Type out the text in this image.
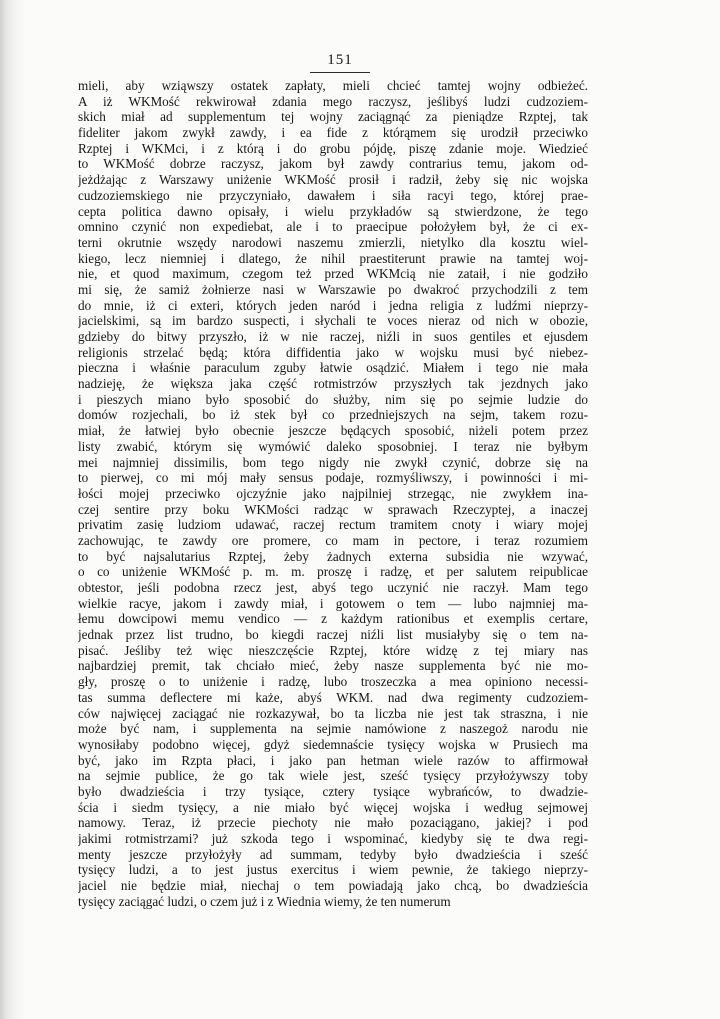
151
mieli, aby wziąwszy ostatek zapłaty, mieli chcieć tamtej wojny odbieżeć.
A iż WKMość rekwirował zdania mego raczysz, jeślibyś ludzi cudzoziem-
skich miał ad supplementum tej wojny zaciągnąć za pieniądze Rzptej, tak
fideliter jakom zwykł zawdy, i ea fide z którąmem się urodził przeciwko
Rzptej i WKMci, i z którą i do grobu pójdę, piszę zdanie moje. Wiedzieć
to WKMość dobrze raczysz, jakom był zawdy contrarius temu, jakom od-
jeżdżając z Warszawy uniżenie WKMość prosił i radził, żeby się nic wojska
cudzoziemskiego nie przyczyniało, dawałem i siła racyi tego, której prae-
cepta politica dawno opisały, i wielu przykładów są stwierdzone, że tego
omnino czynić non expediebat, ale i to praecipue położyłem był, że ci ex-
terni okrutnie wszędy narodowi naszemu zmierzli, nietylko dla kosztu wiel-
kiego, lecz niemniej i dlatego, że nihil praestiterunt prawie na tamtej woj-
nie, et quod maximum, czegom też przed WKMcią nie zataił, i nie godziło
mi się, że samiż żołnierze nasi w Warszawie po dwakroć przychodzili z tem
do mnie, iż ci exteri, których jeden naród i jedna religia z ludźmi nieprzy-
jacielskimi, są im bardzo suspecti, i słychali te voces nieraz od nich w obozie,
gdzieby do bitwy przyszło, iż w nie raczej, niźli in suos gentiles et ejusdem
religionis strzelać będą; która diffidentia jako w wojsku musi być niebez-
pieczna i właśnie paraculum zguby łatwie osądzić. Miałem i tego nie mała
nadzieję, że większa jaka część rotmistrzów przyszłych tak jezdnych jako
i pieszych miano było sposobić do służby, nim się po sejmie ludzie do
domów rozjechali, bo iż stek był co przedniejszych na sejm, takem rozu-
miał, że łatwiej było obecnie jeszcze będących sposobić, niżeli potem przez
listy zwabić, którym się wymówić daleko sposobniej. I teraz nie byłbym
mei najmniej dissimilis, bom tego nigdy nie zwykł czynić, dobrze się na
to pierwej, co mi mój mały sensus podaje, rozmyśliwszy, i powinności i mi-
łości mojej przeciwko ojczyźnie jako najpilniej strzegąc, nie zwykłem ina-
czej sentire przy boku WKMości radząc w sprawach Rzeczyptej, a inaczej
privatim zasię ludziom udawać, raczej rectum tramitem cnoty i wiary mojej
zachowując, te zawdy ore promere, co mam in pectore, i teraz rozumiem
to być najsalutarius Rzptej, żeby żadnych externa subsidia nie wzywać,
o co uniżenie WKMość p. m. m. proszę i radzę, et per salutem reipublicae
obtestor, jeśli podobna rzecz jest, abyś tego uczynić nie raczył. Mam tego
wielkie racye, jakom i zawdy miał, i gotowem o tem — lubo najmniej ma-
łemu dowcipowi memu vendico — z każdym rationibus et exemplis certare,
jednak przez list trudno, bo kiegdi raczej niźli list musiałyby się o tem na-
pisać. Jeśliby też więc nieszczęście Rzptej, które widzę z tej miary nas
najbardziej premit, tak chciało mieć, żeby nasze supplementa być nie mo-
gły, proszę o to uniżenie i radzę, lubo troszeczka a mea opiniono necessi-
tas summa deflectere mi każe, abyś WKM. nad dwa regimenty cudzoziem-
ców najwięcej zaciągać nie rozkazywał, bo ta liczba nie jest tak straszna, i nie
może być nam, i supplementa na sejmie namówione z naszegoż narodu nie
wynosiłaby podobno więcej, gdyż siedemnaście tysięcy wojska w Prusiech ma
być, jako im Rzpta płaci, i jako pan hetman wiele razów to affirmował
na sejmie publice, że go tak wiele jest, sześć tysięcy przyłożywszy toby
było dwadzieścia i trzy tysiące, cztery tysiące wybrańców, to dwadzie-
ścia i siedm tysięcy, a nie miało być więcej wojska i według sejmowej
namowy. Teraz, iż przecie piechoty nie mało pozaciągano, jakiej? i pod
jakimi rotmistrzami? już szkoda tego i wspominać, kiedyby się te dwa regi-
menty jeszcze przyłożyły ad summam, tedyby było dwadzieścia i sześć
tysięcy ludzi, a to jest justus exercitus i wiem pewnie, że takiego nieprzy-
jaciel nie będzie miał, niechaj o tem powiadają jako chcą, bo dwadzieścia
tysięcy zaciągać ludzi, o czem już i z Wiednia wiemy, że ten numerum
